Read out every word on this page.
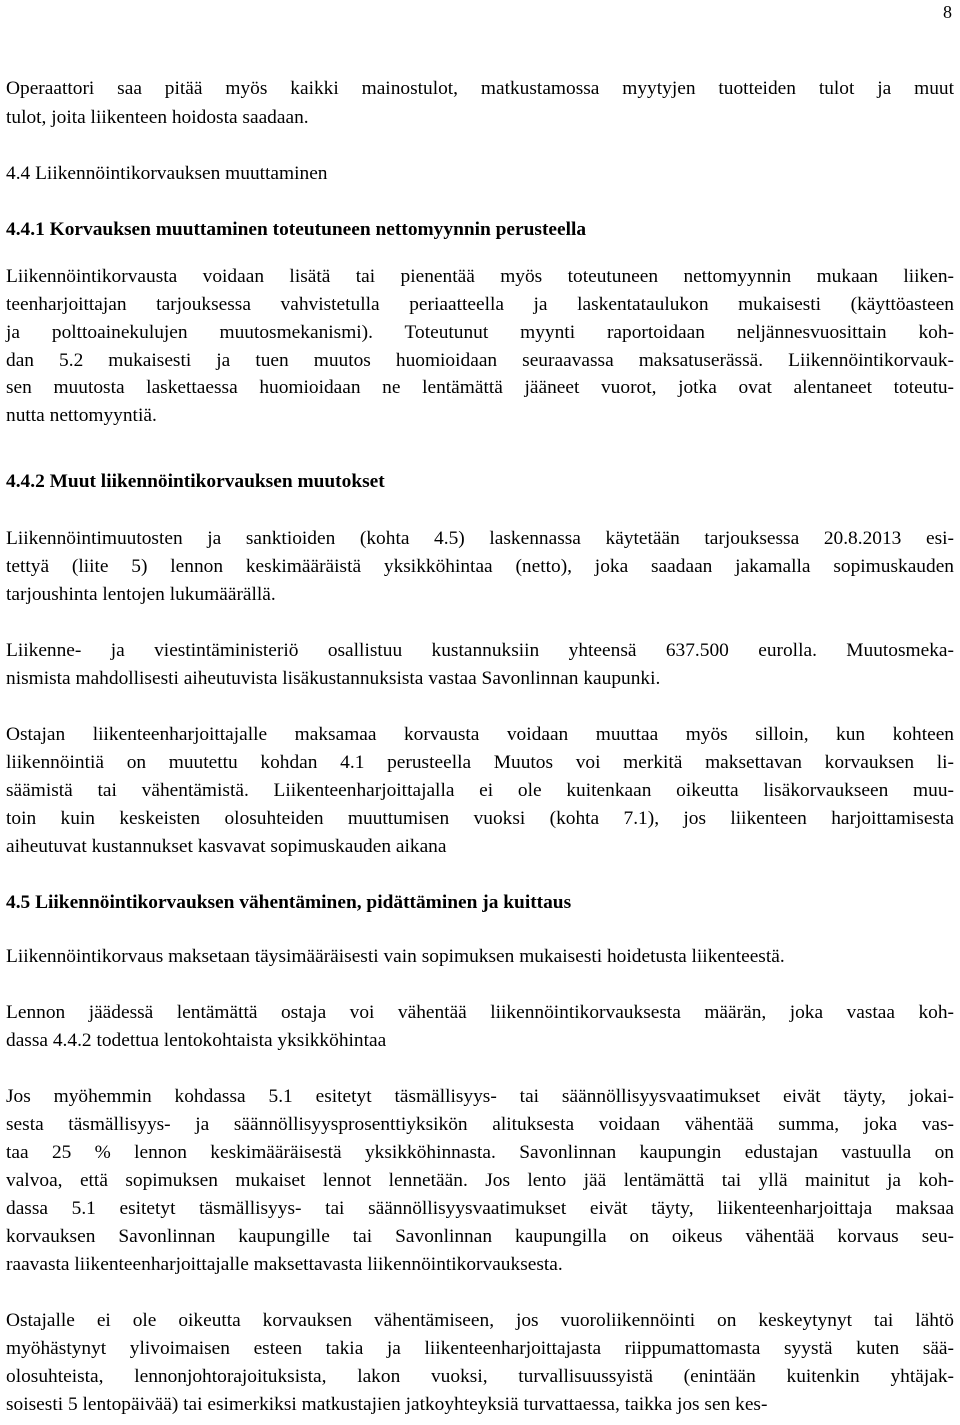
8
Operaattori saa pitää myös kaikki mainostulot, matkustamossa myytyjen tuotteiden tulot ja muut
tulot, joita liikenteen hoidosta saadaan.
4.4 Liikennöintikorvauksen muuttaminen
4.4.1 Korvauksen muuttaminen toteutuneen nettomyynnin perusteella
Liikennöintikorvausta voidaan lisätä tai pienentää myös toteutuneen nettomyynnin mukaan liiken-
teenharjoittajan tarjouksessa vahvistetulla periaatteella ja laskentataulukon mukaisesti (käyttöasteen
ja polttoainekulujen muutosmekanismi). Toteutunut myynti raportoidaan neljännesvuosittain koh-
dan 5.2 mukaisesti ja tuen muutos huomioidaan seuraavassa maksatuserässä. Liikennöintikorvauk-
sen muutosta laskettaessa huomioidaan ne lentämättä jääneet vuorot, jotka ovat alentaneet toteutu-
nutta nettomyyntiä.
4.4.2 Muut liikennöintikorvauksen muutokset
Liikennöintimuutosten ja sanktioiden (kohta 4.5) laskennassa käytetään tarjouksessa 20.8.2013 esi-
tettyä (liite 5) lennon keskimääräistä yksikköhintaa (netto), joka saadaan jakamalla sopimuskauden
tarjoushinta lentojen lukumäärällä.
Liikenne- ja viestintäministeriö osallistuu kustannuksiin yhteensä 637.500 eurolla. Muutosmeka-
nismista mahdollisesti aiheutuvista lisäkustannuksista vastaa Savonlinnan kaupunki.
Ostajan liikenteenharjoittajalle maksamaa korvausta voidaan muuttaa myös silloin, kun kohteen
liikennöintiä on muutettu kohdan 4.1 perusteella Muutos voi merkitä maksettavan korvauksen li-
säämistä tai vähentämistä. Liikenteenharjoittajalla ei ole kuitenkaan oikeutta lisäkorvaukseen muu-
toin kuin keskeisten olosuhteiden muuttumisen vuoksi (kohta 7.1), jos liikenteen harjoittamisesta
aiheutuvat kustannukset kasvavat sopimuskauden aikana
4.5 Liikennöintikorvauksen vähentäminen, pidättäminen ja kuittaus
Liikennöintikorvaus maksetaan täysimääräisesti vain sopimuksen mukaisesti hoidetusta liikenteestä.
Lennon jäädessä lentämättä ostaja voi vähentää liikennöintikorvauksesta määrän, joka vastaa koh-
dassa 4.4.2 todettua lentokohtaista yksikköhintaa
Jos myöhemmin kohdassa 5.1 esitetyt täsmällisyys- tai säännöllisyysvaatimukset eivät täyty, jokai-
sesta täsmällisyys- ja säännöllisyysprosenttiyksikön alituksesta voidaan vähentää summa, joka vas-
taa 25 % lennon keskimääräisestä yksikköhinnasta. Savonlinnan kaupungin edustajan vastuulla on
valvoa, että sopimuksen mukaiset lennot lennetään. Jos lento jää lentämättä tai yllä mainitut ja koh-
dassa 5.1 esitetyt täsmällisyys- tai säännöllisyysvaatimukset eivät täyty, liikenteenharjoittaja maksaa
korvauksen Savonlinnan kaupungille tai Savonlinnan kaupungilla on oikeus vähentää korvaus seu-
raavasta liikenteenharjoittajalle maksettavasta liikennöintikorvauksesta.
Ostajalle ei ole oikeutta korvauksen vähentämiseen, jos vuoroliikennöinti on keskeytynyt tai lähtö
myöhästynyt ylivoimaisen esteen takia ja liikenteenharjoittajasta riippumattomasta syystä kuten sää-
olosuhteista, lennonjohtorajoituksista, lakon vuoksi, turvallisuussyistä (enintään kuitenkin yhtäjak-
soisesti 5 lentopäivää) tai esimerkiksi matkustajien jatkoyhteyksiä turvattaessa, taikka jos sen kes-
